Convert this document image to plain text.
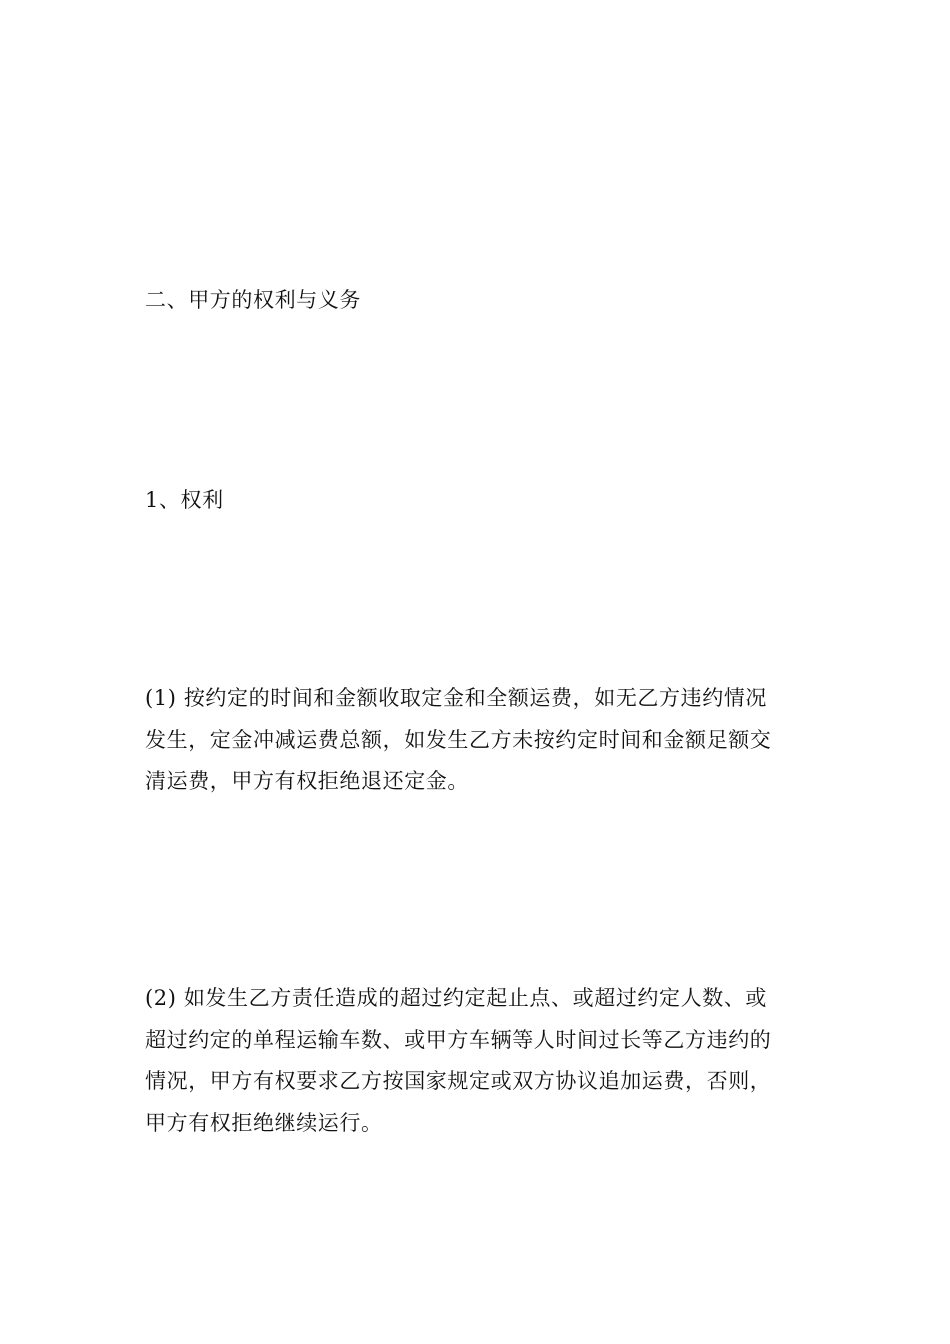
二、甲方的权利与义务
1、权利
(1) 按约定的时间和金额收取定金和全额运费，如无乙方违约情况
发生，定金冲减运费总额，如发生乙方未按约定时间和金额足额交
清运费，甲方有权拒绝退还定金。
(2) 如发生乙方责任造成的超过约定起止点、或超过约定人数、或
超过约定的单程运输车数、或甲方车辆等人时间过长等乙方违约的
情况，甲方有权要求乙方按国家规定或双方协议追加运费，否则，
甲方有权拒绝继续运行。
